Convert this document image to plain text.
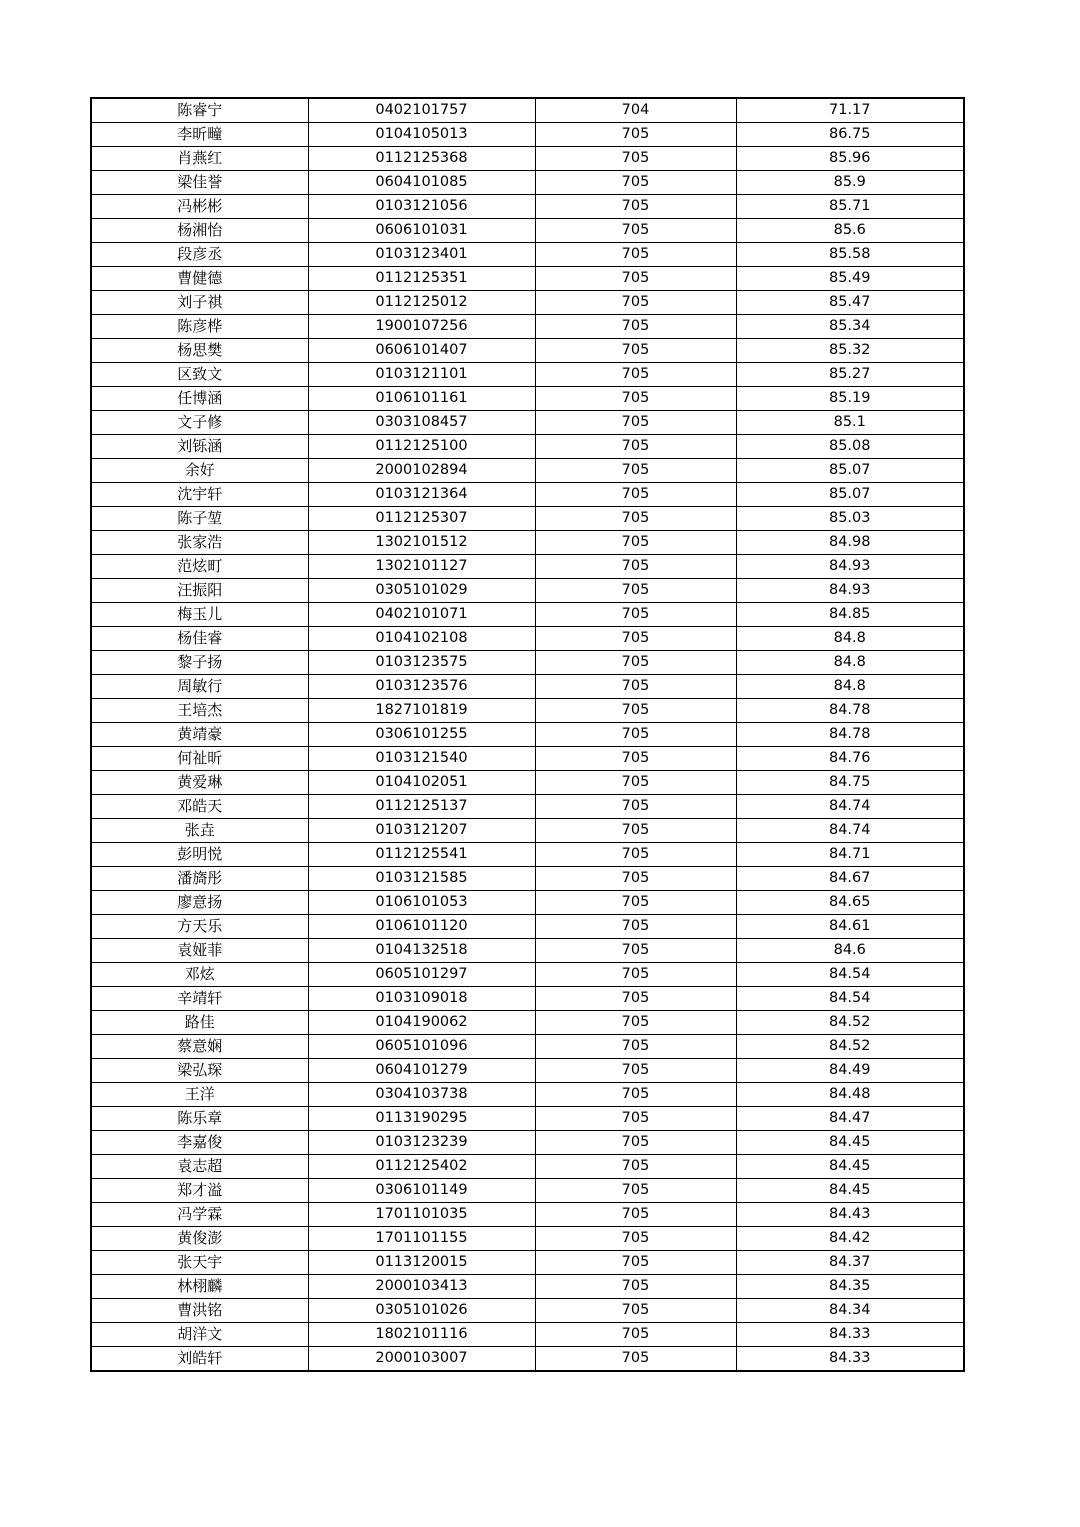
陈睿宁	0402101757	704	71.17
李昕疃	0104105013	705	86.75
肖燕红	0112125368	705	85.96
梁佳誉	0604101085	705	85.9
冯彬彬	0103121056	705	85.71
杨湘怡	0606101031	705	85.6
段彦丞	0103123401	705	85.58
曹健德	0112125351	705	85.49
刘子祺	0112125012	705	85.47
陈彦桦	1900107256	705	85.34
杨思樊	0606101407	705	85.32
区致文	0103121101	705	85.27
任博涵	0106101161	705	85.19
文子修	0303108457	705	85.1
刘铄涵	0112125100	705	85.08
余好	2000102894	705	85.07
沈宇轩	0103121364	705	85.07
陈子堃	0112125307	705	85.03
张家浩	1302101512	705	84.98
范炫町	1302101127	705	84.93
汪振阳	0305101029	705	84.93
梅玉儿	0402101071	705	84.85
杨佳睿	0104102108	705	84.8
黎子扬	0103123575	705	84.8
周敏行	0103123576	705	84.8
王培杰	1827101819	705	84.78
黄靖豪	0306101255	705	84.78
何祉昕	0103121540	705	84.76
黄爱琳	0104102051	705	84.75
邓皓天	0112125137	705	84.74
张垚	0103121207	705	84.74
彭明悦	0112125541	705	84.71
潘旖彤	0103121585	705	84.67
廖意扬	0106101053	705	84.65
方天乐	0106101120	705	84.61
袁娅菲	0104132518	705	84.6
邓炫	0605101297	705	84.54
辛靖轩	0103109018	705	84.54
路佳	0104190062	705	84.52
蔡意娴	0605101096	705	84.52
梁弘琛	0604101279	705	84.49
王洋	0304103738	705	84.48
陈乐章	0113190295	705	84.47
李嘉俊	0103123239	705	84.45
袁志超	0112125402	705	84.45
郑才溢	0306101149	705	84.45
冯学霖	1701101035	705	84.43
黄俊澎	1701101155	705	84.42
张天宇	0113120015	705	84.37
林栩麟	2000103413	705	84.35
曹洪铭	0305101026	705	84.34
胡洋文	1802101116	705	84.33
刘皓轩	2000103007	705	84.33
